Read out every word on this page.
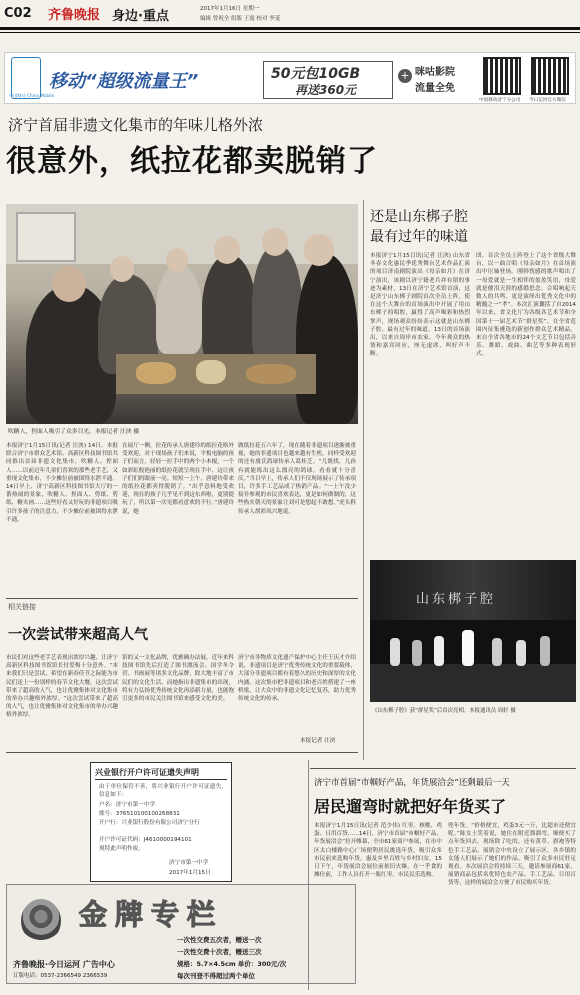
C02 齐鲁晚报 身边·重点	2017年1月16日 星期一
编辑 曾祝全 组版 王震 校对 李茏
中国移动 China Mobile
移动“超级流量王”	50元包10GB
再送360元
+ 咪咕影院
流量全免
中国移动济宁分公司 今日运河官方微信
济宁首届非遗文化集市的年味儿格外浓
很意外，纸拉花都卖脱销了
吹糖人、捏面人吸引了众多目光。本报记者 汪泱 摄
本报济宁1月15日讯(记者 汪泱) 14日，本报联合济宁市群众艺术馆、高新区科技图书馆共同推出首届非遗文化集市，吹糖人、捏面人……以前过年儿童们喜欢的那些老手艺，又重现文化集市，不少摊位前被围得水泄不通。14日早上，济宁高新区科技图书馆大厅的一番热闹的景象，吹糖人、捏面人、剪纸、剪纸、糖夹画……这些好看又好玩的非遗项目吸引许多孩子的注意力，不少摊位前被围得水泄不通。
在展厅一侧，拉花传承人唐建玲的纸拉花格外受欢迎。对于现场孩子们来说，平板电脑的孩子们而言，轻轻一拉手中的两个小木棍，一个如彩虹般艳丽的纸拉花就呈现在手中，这让孩子们们的眼前一亮。短短一上午，唐建玲带来的纸拉花都卖得脱销了。“出乎意料地受欢迎，现在的孩子几乎见不到这东西啦，更别提玩了，所以第一次见都看意欢的不行。”唐建玲说，她
做纸拉花五六年了，现在随着非遗项目逐渐被重视，她的非遗项目也越来越有生机。同样受欢迎的还有虞氏鸽球传承人葛桂芝。“儿既找，儿孙有就能练出这么漂亮的鸽球，看看就十分喜庆。”当日早上，传承人们不仅现场展示了传承项目，许多手工艺品成了热销产品。“一上午没少接非参观的市民喜欢表达，更是如何做制的，这些热火朝天的景象让刘可是想起不敢想。”虎头鞋传承人胡彩凤兴地说。
还是山东梆子腔
最有过年的味道
本报济宁1月15日讯(记者 汪泱) 山东省冬春文化惠民季优秀舞台艺术作品汇演的项目济南剧院演出《母亲如月》在济宁演出，该剧以济宁籍老兵祥有朋的事迹为素材，13日在济宁艺术馆首演，这是济宁山东梆子剧院首次全员上阵，使在这个大舞台的首场演出中开展了用山东梆子的唱腔，赢得了高声喝彩和热烈掌声，现场观众纷纷表示这就是山东梆子腔，最有过年的味道。13日的首场演出，以来自周岸市农家、今年观众的热情和嘉宾回应，座无虚席，叫好声不断。
团、首次全员上阵登上了这个省级大舞台，以一曲合唱《母亲如月》在首场演出中压轴登场。刚韩恍感的歌声唱出了一母爱就是一生相伴的盈盈笑语，母爱就是催泪天涯的感婚思念。合唱响起天数人的共鸣，更是演绎出优秀文化中的精髓之一“孝”。本次汇演囊括了自2014年以来，省文化厅为各级各艺术节和全国第十一届艺术节“群星奖”、在全省范围内征集遴选的新创作群众艺术精品。来自全省各地市的24个文艺节目包括音乐、舞蹈、戏曲、曲艺等多种表现形式。
山东梆子腔
《山东梆子腔》获“群星奖”后首次亮相。本报通讯员 周轩 摄
相关链接
一次尝试带来超高人气
市民们对这些老手艺表现出浓厚兴趣，让济宁高新区科技图书馆馆长付爱梅十分意外。“本来我们只是尝试，希望在新春佳节之际能为市民们送上一份别样的春节文化大餐，这次尝试带来了超高的人气，也让优雅集体对文化集市的举办兴趣格外浓厚。“这次尝试带来了超高的人气，也让优雅集体对文化集市的举办兴趣格外浓厚。
馆的又一文化品牌，优雅确办法展，近年来科技图书馆先后打造了图书漂流会、国学冬令营、书画展等诸多文化品牌，除大地丰富了市民们的文化生活，而她指出非遗集市的出现，将有力弘扬优秀传统文化再添新力量，也能饱引更多的市民关注图书馆来感受文化的美。
济宁市非物质文化遗产保护中心主任王庆才介绍说，非遗项目是济宁优秀传统文化的重要载体，大部分非遗项目都有着悠久的历史和深厚的文化内涵，这次集市把非遗项目和老百姓搭建了一座桥梁，让大众中的非遗文化记忆复苏，助力优秀传统文化的传承。
本报记者 汪泱
兴业银行开户许可证遗失声明
由于单位保管不善，将兴业银行开户许可证遗失，信息如下：
户名：济宁市第一中学
账号：376510100100268831
开户行：兴业银行股份有限公司济宁分行
开户许可证代码：J4610000194101
现特此声明作废。
济宁市第一中学
2017年1月15日
金牌专栏
齐鲁晚报·今日运河 广告中心
订版电话：0537-2366549 2366539
一次性交费五次者，赠送一次
一次性交费十次者，赠送三次
规格：5.7×4.5cm 单价：300元/次
每次刊登不得超过两个单位
济宁市首届“市帼好产品，年货展洽会”还剩最后一天
居民遛弯时就把好年货买了
本报济宁1月15日讯(记者 范少伟) 红枣、核桃、鸡蛋、日用百货……14日，济宁市首届“市帼好产品，年货展洽会”拉开帷幕，全市61家商户参展，在市中区太白楼路中心广场便利居民挑选年货，吸引众多市民前来选购年货，惠及乡里百姓与乡村妇女。15日下午，年货展洽会展位前依旧火爆，在一乎食的摊位前，工作人员打开一瓶红枣，市民民乐选购。
兜年货。“价格便宜，鸡蛋3元一斤，比超市还便宜呢。”陈女士笑着说，她住在附近溜溜弯，顺便买了点年货回去。现场除了吃的，还有黄草、旗袍等特色手工艺品，展销会中央设立了展示区，各乡镇的女能人们展示了她们的作品，吸引了众多市民驻足观看。本次展洽会将持续三天，邀请参展商61家，展销商品包括名优特色农产品、手工艺品、日用百货等，这样的展洽会方便了市民购买年货。
